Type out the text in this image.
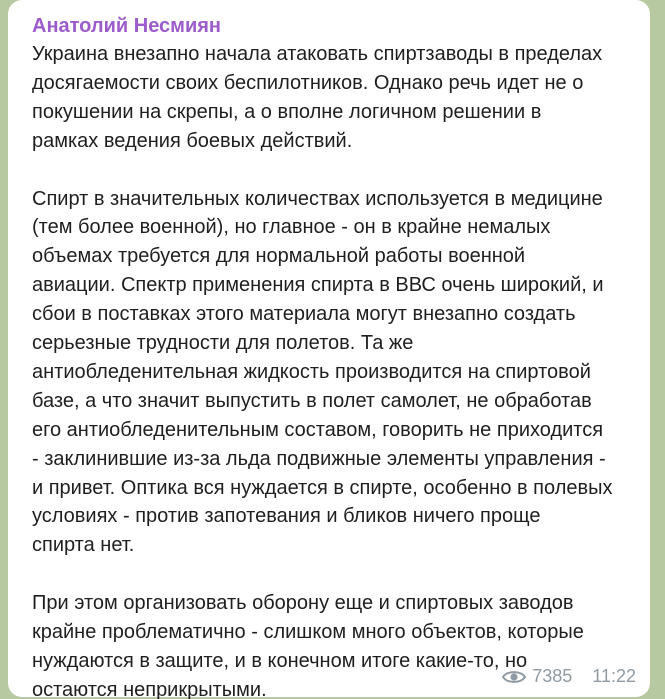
Анатолий Несмиян
Украина внезапно начала атаковать спиртзаводы в пределах
досягаемости своих беспилотников. Однако речь идет не о
покушении на скрепы, а о вполне логичном решении в
рамках ведения боевых действий.
Спирт в значительных количествах используется в медицине
(тем более военной), но главное - он в крайне немалых
объемах требуется для нормальной работы военной
авиации. Спектр применения спирта в ВВС очень широкий, и
сбои в поставках этого материала могут внезапно создать
серьезные трудности для полетов. Та же
антиобледенительная жидкость производится на спиртовой
базе, а что значит выпустить в полет самолет, не обработав
его антиобледенительным составом, говорить не приходится
- заклинившие из-за льда подвижные элементы управления -
и привет. Оптика вся нуждается в спирте, особенно в полевых
условиях - против запотевания и бликов ничего проще
спирта нет.
При этом организовать оборону еще и спиртовых заводов
крайне проблематично - слишком много объектов, которые
нуждаются в защите, и в конечном итоге какие-то, но
остаются неприкрытыми.
7385 11:22
